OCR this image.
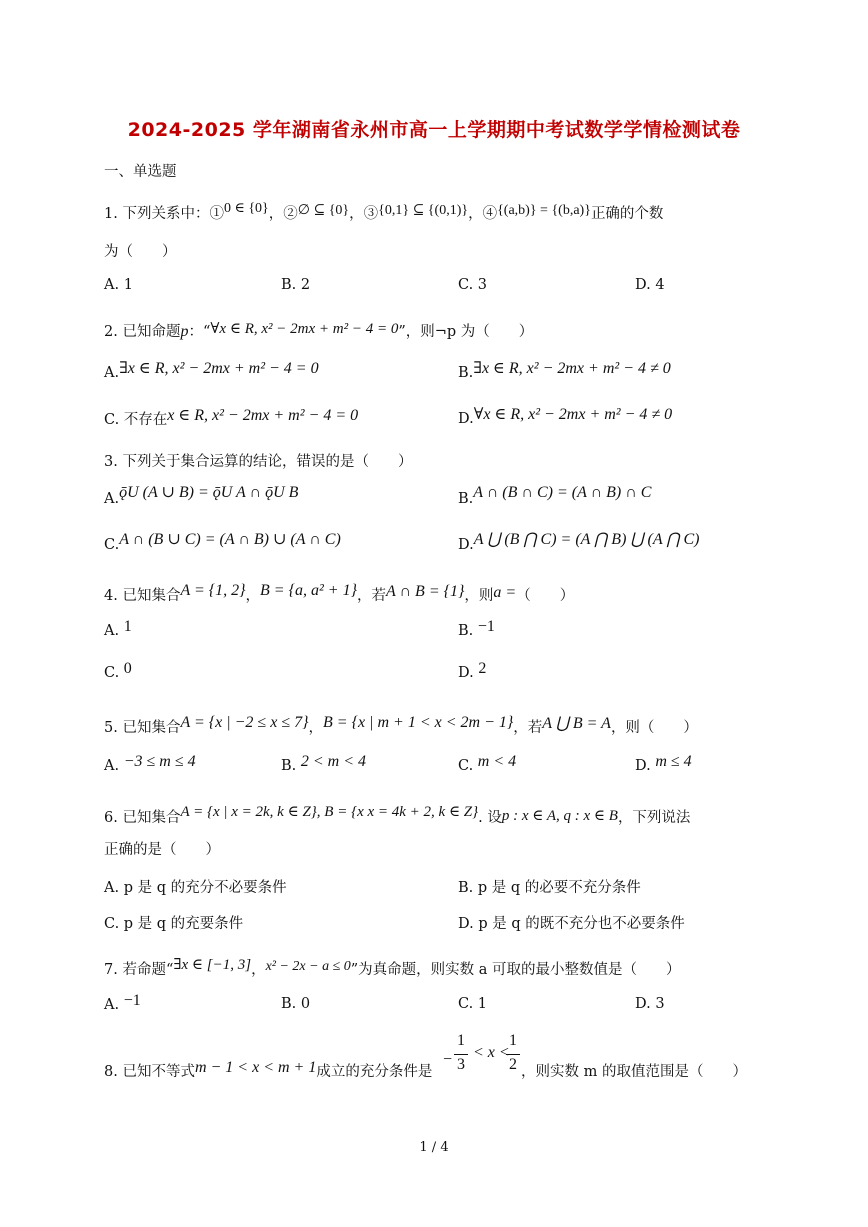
2024-2025 学年湖南省永州市高一上学期期中考试数学学情检测试卷
一、单选题
1. 下列关系中：①$^{0 \in \{0\}}$，②∅ ⊆ {0}，③{0,1} ⊆ {(0,1)}，④{(a,b)} = {(b,a)}正确的个数
为（　　）
A. 1	B. 2	C. 3	D. 4
2. 已知命题p：“∀x ∈ R, x² − 2mx + m² − 4 = 0”，则¬p 为（　　）
A.∃x ∈ R, x² − 2mx + m² − 4 = 0	B.∃x ∈ R, x² − 2mx + m² − 4 ≠ 0
C. 不存在x ∈ R, x² − 2mx + m² − 4 = 0	D.∀x ∈ R, x² − 2mx + m² − 4 ≠ 0
3. 下列关于集合运算的结论，错误的是（　　）
A.ǭU (A ∪ B) = ǭU A ∩ ǭU B	B.A ∩ (B ∩ C) = (A ∩ B) ∩ C
C.A ∩ (B ∪ C) = (A ∩ B) ∪ (A ∩ C)	D.A ⋃ (B ⋂ C) = (A ⋂ B) ⋃ (A ⋂ C)
4. 已知集合A = {1, 2}，B = {a, a² + 1}，若A ∩ B = {1}，则a =（　　）
A. 1	B. −1
C. 0	D. 2
5. 已知集合A = {x | −2 ≤ x ≤ 7}，B = {x | m + 1 < x < 2m − 1}，若A ⋃ B = A，则（　　）
A. −3 ≤ m ≤ 4	B. 2 < m < 4	C. m < 4	D. m ≤ 4
6. 已知集合A = {x | x = 2k, k ∈ Z}, B = {x x = 4k + 2, k ∈ Z}. 设p : x ∈ A, q : x ∈ B，下列说法
正确的是（　　）
A. p 是 q 的充分不必要条件	B. p 是 q 的必要不充分条件
C. p 是 q 的充要条件	D. p 是 q 的既不充分也不必要条件
7. 若命题“∃x ∈ [−1, 3]，x² − 2x − a ≤ 0”为真命题，则实数 a 可取的最小整数值是（　　）
A. −1	B. 0	C. 1	D. 3
8. 已知不等式m − 1 < x < m + 1成立的充分条件是
−
1
3
< x <
1
2 ，则实数 m 的取值范围是（　　）
1 / 4
